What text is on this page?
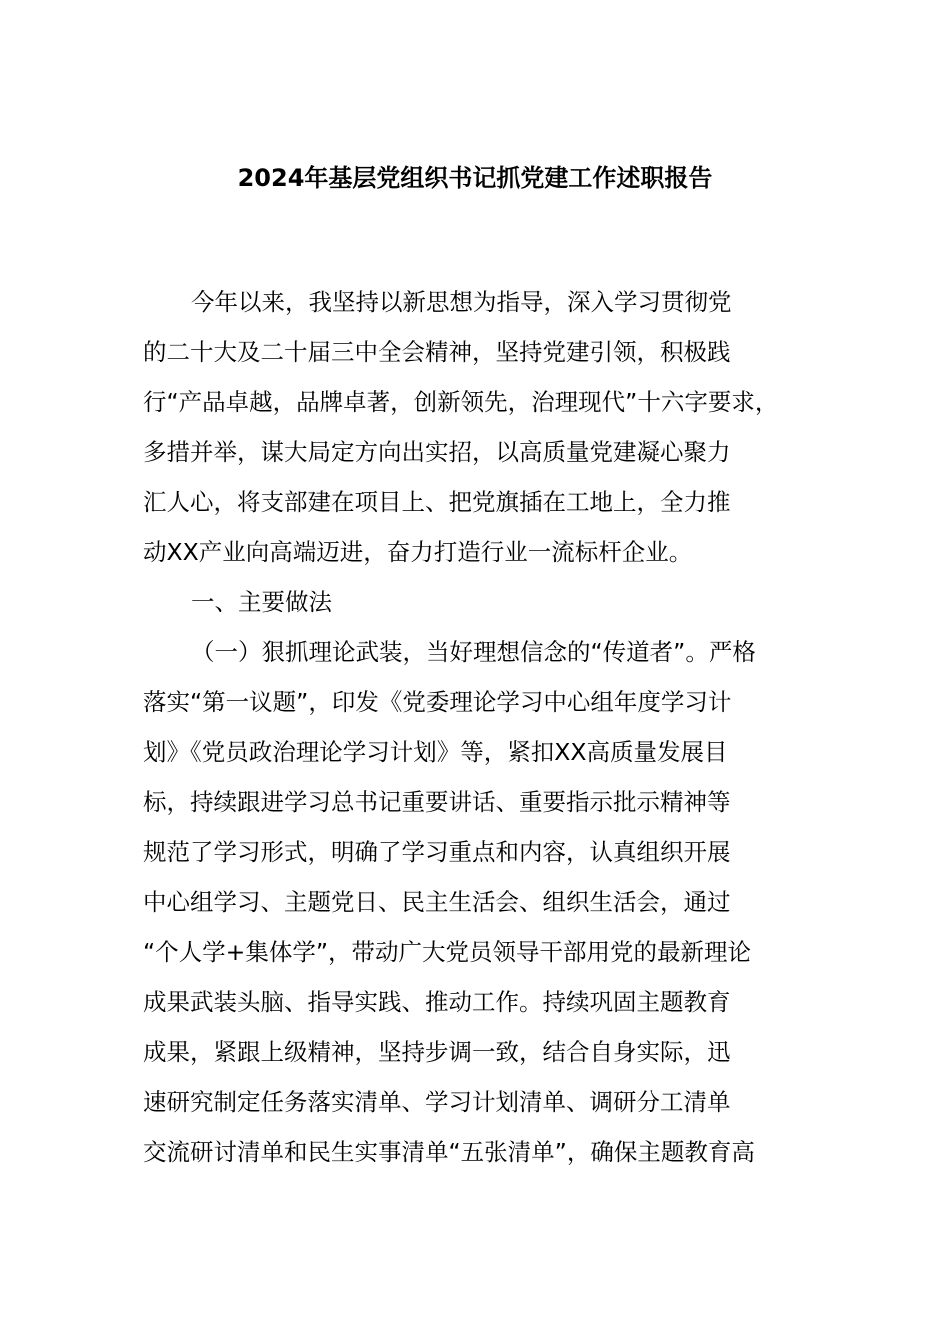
2024年基层党组织书记抓党建工作述职报告
今年以来，我坚持以新思想为指导，深入学习贯彻党
的二十大及二十届三中全会精神，坚持党建引领，积极践
行“产品卓越，品牌卓著，创新领先，治理现代”十六字要求，
多措并举，谋大局定方向出实招，以高质量党建凝心聚力
汇人心，将支部建在项目上、把党旗插在工地上，全力推
动XX产业向高端迈进，奋力打造行业一流标杆企业。
一、主要做法
（一）狠抓理论武装，当好理想信念的“传道者”。严格
落实“第一议题”，印发《党委理论学习中心组年度学习计
划》《党员政治理论学习计划》等，紧扣XX高质量发展目
标，持续跟进学习总书记重要讲话、重要指示批示精神等
规范了学习形式，明确了学习重点和内容，认真组织开展
中心组学习、主题党日、民主生活会、组织生活会，通过
“个人学+集体学”，带动广大党员领导干部用党的最新理论
成果武装头脑、指导实践、推动工作。持续巩固主题教育
成果，紧跟上级精神，坚持步调一致，结合自身实际，迅
速研究制定任务落实清单、学习计划清单、调研分工清单
交流研讨清单和民生实事清单“五张清单”，确保主题教育高
